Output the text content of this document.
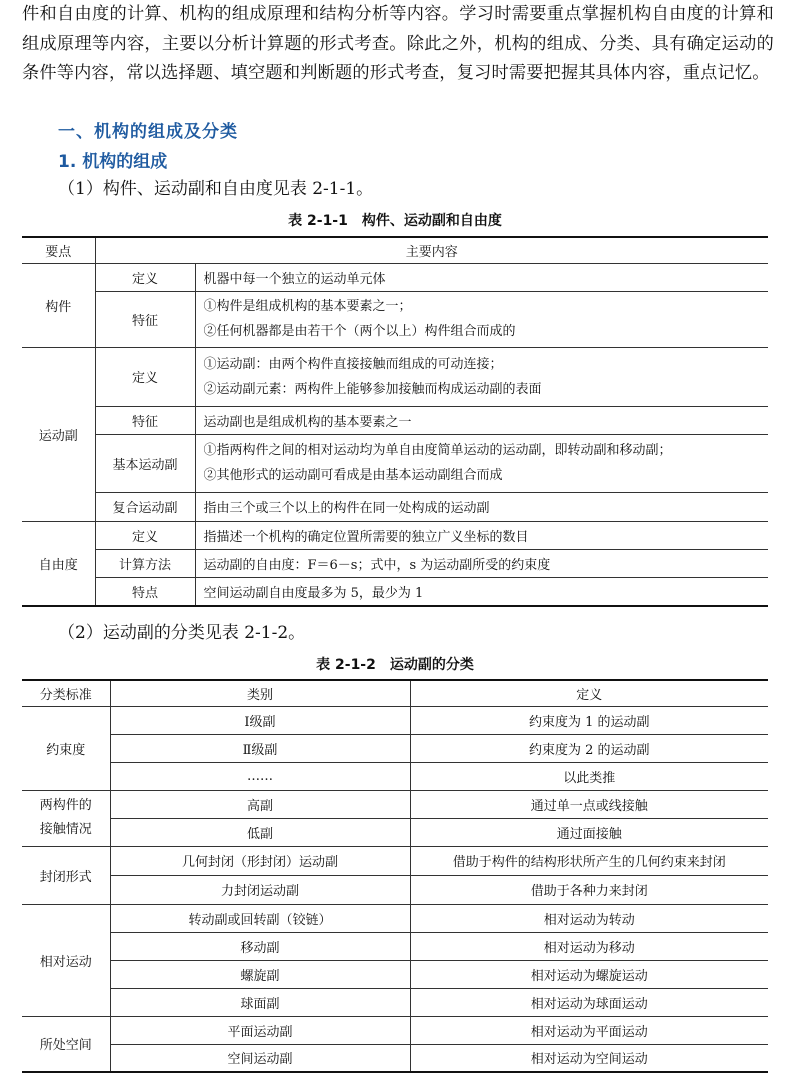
件和自由度的计算、机构的组成原理和结构分析等内容。学习时需要重点掌握机构自由度的计算和组成原理等内容，主要以分析计算题的形式考查。除此之外，机构的组成、分类、具有确定运动的条件等内容，常以选择题、填空题和判断题的形式考查，复习时需要把握其具体内容，重点记忆。

一、机构的组成及分类

1. 机构的组成

（1）构件、运动副和自由度见表 2-1-1。

表 2-1-1　构件、运动副和自由度

要点	主要内容	
构件	定义	机器中每一个独立的运动单元体
	特征	①构件是组成机构的基本要素之一；
②任何机器都是由若干个（两个以上）构件组合而成的

运动副	定义	①运动副：由两个构件直接接触而组成的可动连接；
②运动副元素：两构件上能够参加接触而构成运动副的表面

	特征	运动副也是组成机构的基本要素之一
	基本运动副	①指两构件之间的相对运动均为单自由度简单运动的运动副，即转动副和移动副；
②其他形式的运动副可看成是由基本运动副组合而成

	复合运动副	指由三个或三个以上的构件在同一处构成的运动副
自由度	定义	指描述一个机构的确定位置所需要的独立广义坐标的数目
	计算方法	运动副的自由度：F＝6－s；式中，s 为运动副所受的约束度
	特点	空间运动副自由度最多为 5，最少为 1

（2）运动副的分类见表 2-1-2。

表 2-1-2　运动副的分类

分类标准	类别	定义
约束度	Ⅰ级副	约束度为 1 的运动副
	Ⅱ级副	约束度为 2 的运动副
	……	以此类推

两构件的
接触情况	高副	通过单一点或线接触
	低副	通过面接触
封闭形式	几何封闭（形封闭）运动副	借助于构件的结构形状所产生的几何约束来封闭
	力封闭运动副	借助于各种力来封闭
相对运动	转动副或回转副（铰链）	相对运动为转动
	移动副	相对运动为移动
	螺旋副	相对运动为螺旋运动
	球面副	相对运动为球面运动
所处空间	平面运动副	相对运动为平面运动
	空间运动副	相对运动为空间运动
